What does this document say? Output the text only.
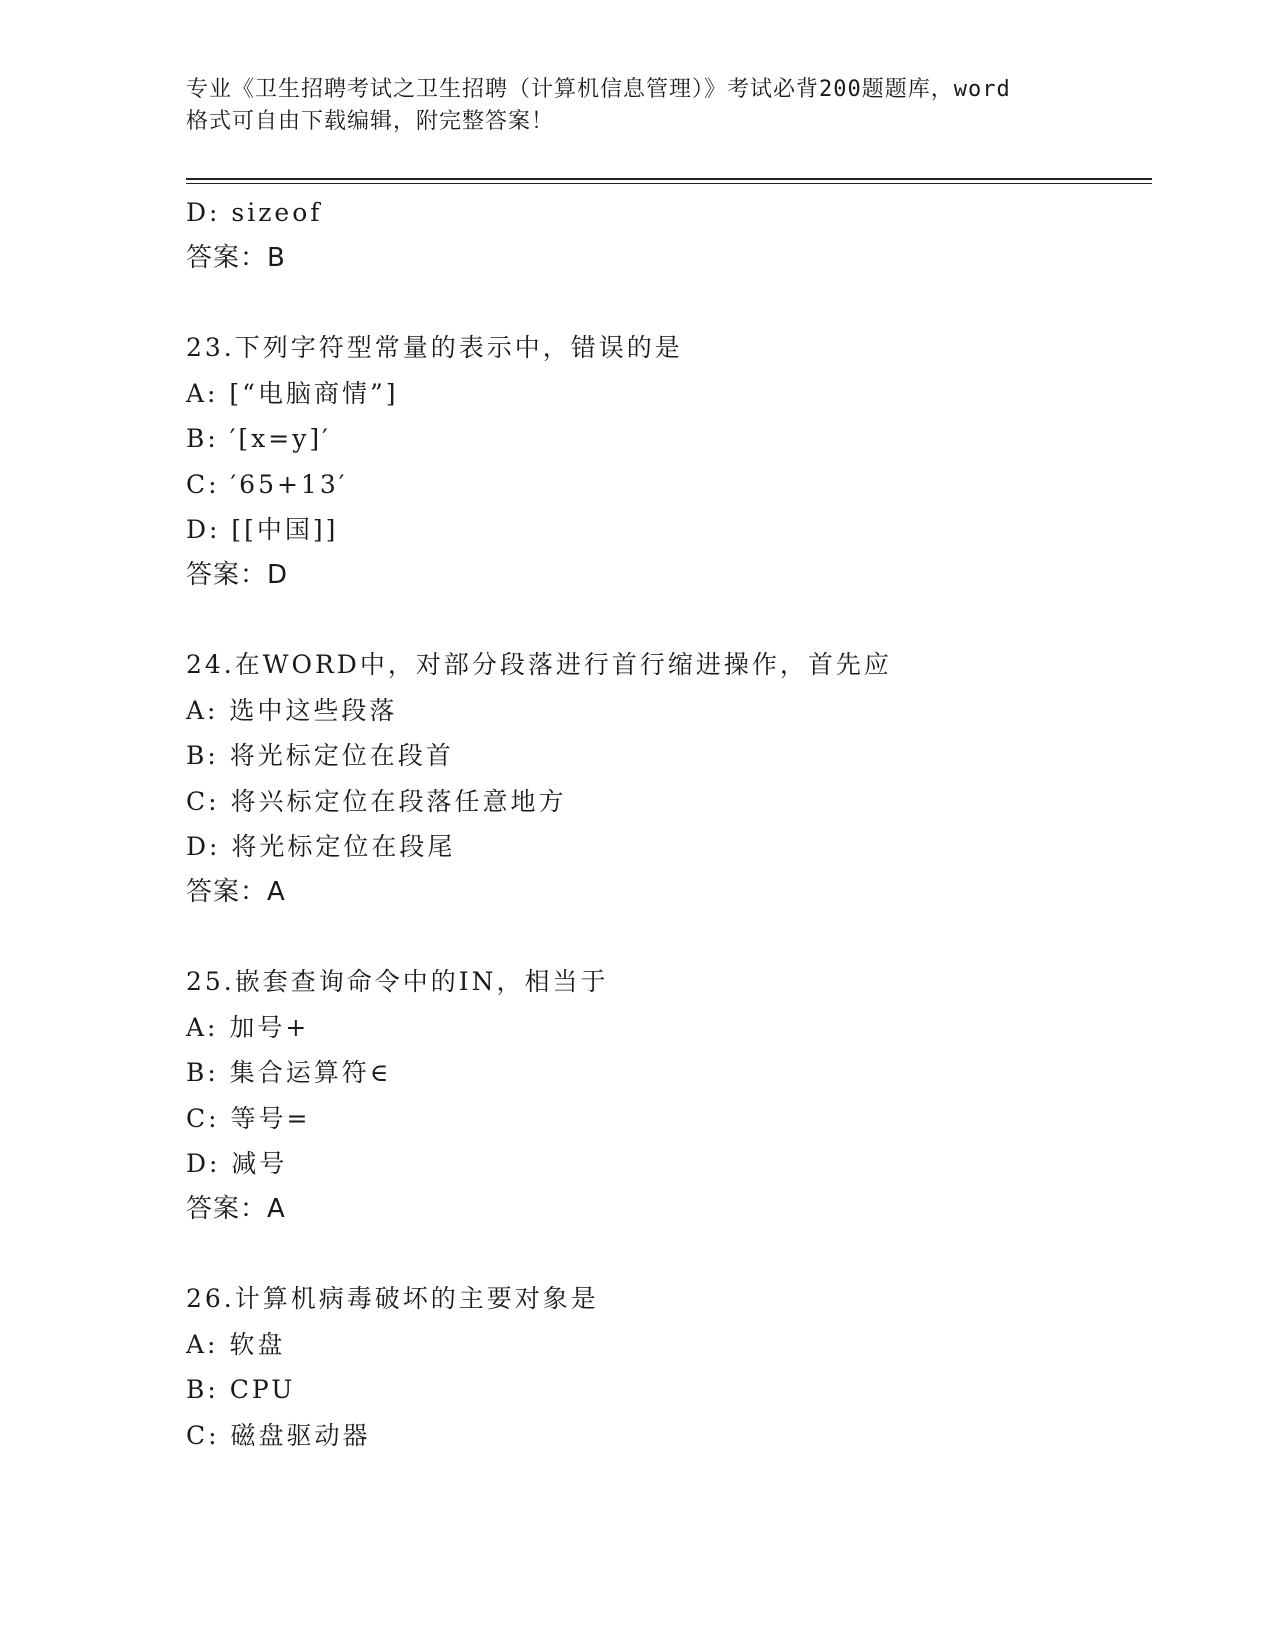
专业《卫生招聘考试之卫生招聘（计算机信息管理）》考试必背200题题库，word
格式可自由下载编辑，附完整答案！
D: sizeof
答案：B
23.下列字符型常量的表示中，错误的是
A: [“电脑商情”]
B: ′[x=y]′
C: ′65+13′
D: [[中国]]
答案：D
24.在WORD中，对部分段落进行首行缩进操作，首先应
A: 选中这些段落
B: 将光标定位在段首
C: 将兴标定位在段落任意地方
D: 将光标定位在段尾
答案：A
25.嵌套查询命令中的IN，相当于
A: 加号+
B: 集合运算符∈
C: 等号=
D: 减号
答案：A
26.计算机病毒破坏的主要对象是
A: 软盘
B: CPU
C: 磁盘驱动器
